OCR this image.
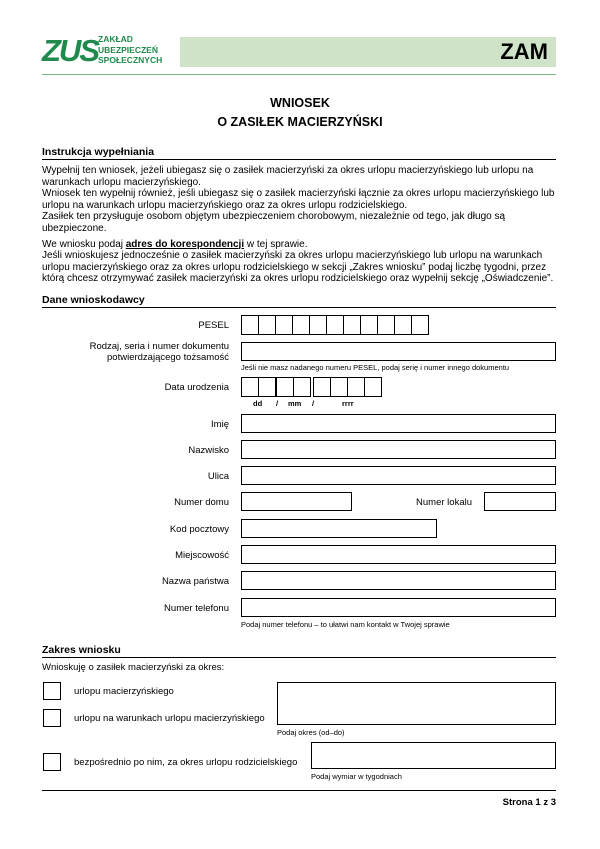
ZUS ZAKŁAD
UBEZPIECZEŃ
SPOŁECZNYCH	ZAM
WNIOSEK
O ZASIŁEK MACIERZYŃSKI
Instrukcja wypełniania
Wypełnij ten wniosek, jeżeli ubiegasz się o zasiłek macierzyński za okres urlopu macierzyńskiego lub urlopu na warunkach urlopu macierzyńskiego.
Wniosek ten wypełnij również, jeśli ubiegasz się o zasiłek macierzyński łącznie za okres urlopu macierzyńskiego lub urlopu na warunkach urlopu macierzyńskiego oraz za okres urlopu rodzicielskiego.
Zasiłek ten przysługuje osobom objętym ubezpieczeniem chorobowym, niezależnie od tego, jak długo są ubezpieczone.
We wniosku podaj adres do korespondencji w tej sprawie.
Jeśli wnioskujesz jednocześnie o zasiłek macierzyński za okres urlopu macierzyńskiego lub urlopu na warunkach urlopu macierzyńskiego oraz za okres urlopu rodzicielskiego w sekcji „Zakres wniosku” podaj liczbę tygodni, przez którą chcesz otrzymywać zasiłek macierzyński za okres urlopu rodzicielskiego oraz wypełnij sekcję „Oświadczenie”.
Dane wnioskodawcy
PESEL
Rodzaj, seria i numer dokumentu
potwierdzającego tożsamość
Jeśli nie masz nadanego numeru PESEL, podaj serię i numer innego dokumentu
Data urodzenia
dd / mm /	rrrr
Imię
Nazwisko
Ulica
Numer domu	Numer lokalu
Kod pocztowy
Miejscowość
Nazwa państwa
Numer telefonu
Podaj numer telefonu – to ułatwi nam kontakt w Twojej sprawie
Zakres wniosku
Wnioskuję o zasiłek macierzyński za okres:
urlopu macierzyńskiego
urlopu na warunkach urlopu macierzyńskiego
Podaj okres (od–do)
bezpośrednio po nim, za okres urlopu rodzicielskiego
Podaj wymiar w tygodniach
Strona 1 z 3
